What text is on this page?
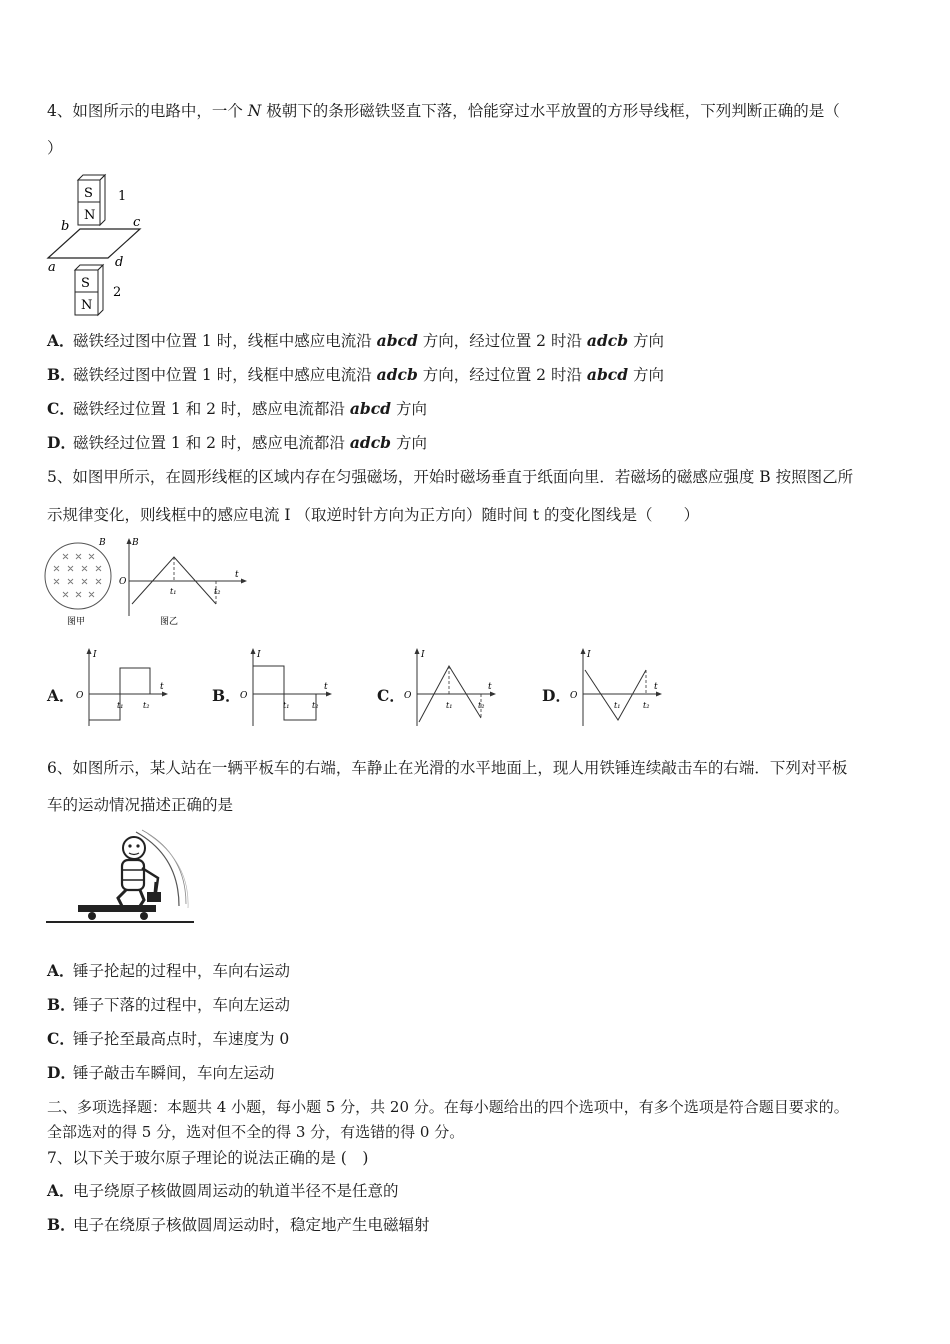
4、如图所示的电路中，一个 N 极朝下的条形磁铁竖直下落，恰能穿过水平放置的方形导线框，下列判断正确的是（
）
S
N
1
b	c
a	d
S
N
2
A．磁铁经过图中位置 1 时，线框中感应电流沿 abcd 方向，经过位置 2 时沿 adcb 方向
B．磁铁经过图中位置 1 时，线框中感应电流沿 adcb 方向，经过位置 2 时沿 abcd 方向
C．磁铁经过位置 1 和 2 时，感应电流都沿 abcd 方向
D．磁铁经过位置 1 和 2 时，感应电流都沿 adcb 方向
5、如图甲所示，在圆形线框的区域内存在匀强磁场，开始时磁场垂直于纸面向里．若磁场的磁感应强度 B 按照图乙所
示规律变化，则线框中的感应电流 I （取逆时针方向为正方向）随时间 t 的变化图线是（　　）
B
图甲
B
t
O
t₁	t₂
图乙
A．
I
t
O
t₁ t₂
B．
I
t
O
t₁	t₂
C．
I
t
O
t₁	t₂
D．
I
t
O
t₁	t₂
6、如图所示，某人站在一辆平板车的右端，车静止在光滑的水平地面上，现人用铁锤连续敲击车的右端．下列对平板
车的运动情况描述正确的是
A．锤子抡起的过程中，车向右运动
B．锤子下落的过程中，车向左运动
C．锤子抡至最高点时，车速度为 0
D．锤子敲击车瞬间，车向左运动
二、多项选择题：本题共 4 小题，每小题 5 分，共 20 分。在每小题给出的四个选项中，有多个选项是符合题目要求的。
全部选对的得 5 分，选对但不全的得 3 分，有选错的得 0 分。
7、以下关于玻尔原子理论的说法正确的是 (　)
A．电子绕原子核做圆周运动的轨道半径不是任意的
B．电子在绕原子核做圆周运动时，稳定地产生电磁辐射
